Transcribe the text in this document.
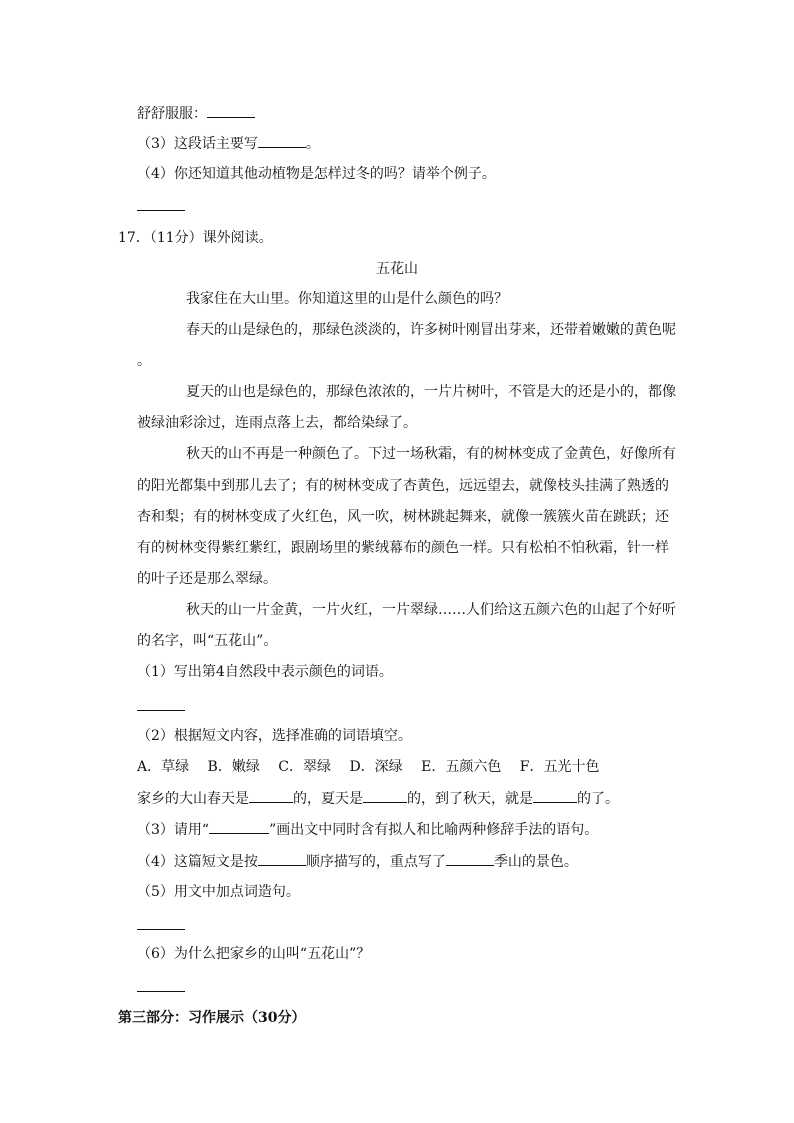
舒舒服服：
（3）这段话主要写	。
（4）你还知道其他动植物是怎样过冬的吗？请举个例子。
17．（11分）课外阅读。
五花山
我家住在大山里。你知道这里的山是什么颜色的吗？
春天的山是绿色的，那绿色淡淡的，许多树叶刚冒出芽来，还带着嫩嫩的黄色呢
。
夏天的山也是绿色的，那绿色浓浓的，一片片树叶，不管是大的还是小的，都像
被绿油彩涂过，连雨点落上去，都给染绿了。
秋天的山不再是一种颜色了。下过一场秋霜，有的树林变成了金黄色，好像所有
的阳光都集中到那儿去了；有的树林变成了杏黄色，远远望去，就像枝头挂满了熟透的
杏和梨；有的树林变成了火红色，风一吹，树林跳起舞来，就像一簇簇火苗在跳跃；还
有的树林变得紫红紫红，跟剧场里的紫绒幕布的颜色一样。只有松柏不怕秋霜，针一样
的叶子还是那么翠绿。
秋天的山一片金黄，一片火红，一片翠绿……人们给这五颜六色的山起了个好听
的名字，叫“五花山”。
（1）写出第4自然段中表示颜色的词语。
（2）根据短文内容，选择准确的词语填空。
A．草绿　 B．嫩绿　 C．翠绿　 D．深绿　 E．五颜六色　 F．五光十色
家乡的大山春天是	的，夏天是	的，到了秋天，就是	的了。
（3）请用“	”画出文中同时含有拟人和比喻两种修辞手法的语句。
（4）这篇短文是按	顺序描写的，重点写了	季山的景色。
（5）用文中加点词造句。
（6）为什么把家乡的山叫“五花山”？
第三部分：习作展示（30分）
